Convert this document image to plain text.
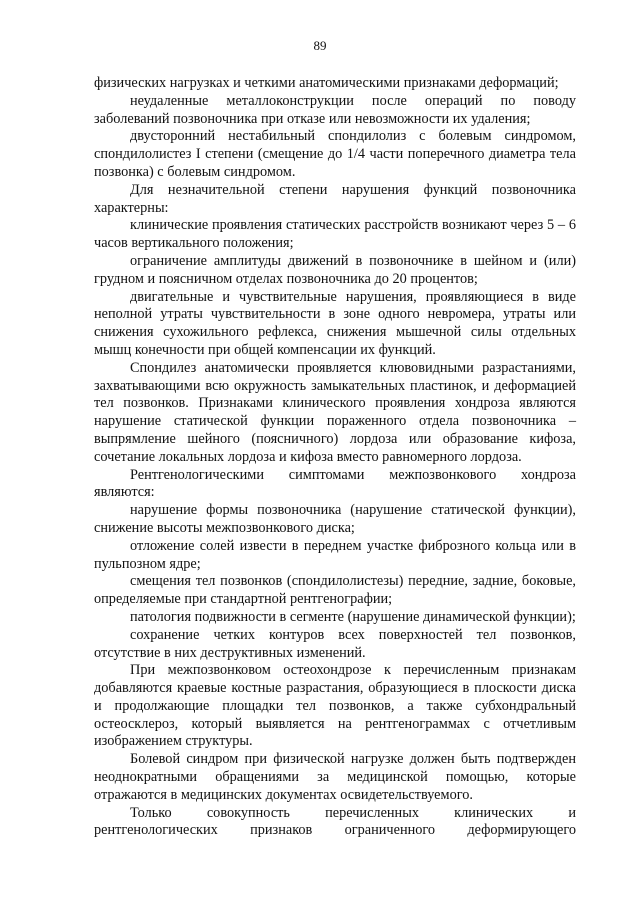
89

физических нагрузках и четкими анатомическими признаками деформаций;

неудаленные металлоконструкции после операций по поводу заболеваний позвоночника при отказе или невозможности их удаления;

двусторонний нестабильный спондилолиз с болевым синдромом, спондилолистез I степени (смещение до 1/4 части поперечного диаметра тела позвонка) с болевым синдромом.

Для незначительной степени нарушения функций позвоночника характерны:

клинические проявления статических расстройств возникают через 5 – 6 часов вертикального положения;

ограничение амплитуды движений в позвоночнике в шейном и (или) грудном и поясничном отделах позвоночника до 20 процентов;

двигательные и чувствительные нарушения, проявляющиеся в виде неполной утраты чувствительности в зоне одного невромера, утраты или снижения сухожильного рефлекса, снижения мышечной силы отдельных мышц конечности при общей компенсации их функций.

Спондилез анатомически проявляется клювовидными разрастаниями, захватывающими всю окружность замыкательных пластинок, и деформацией тел позвонков. Признаками клинического проявления хондроза являются нарушение статической функции пораженного отдела позвоночника – выпрямление шейного (поясничного) лордоза или образование кифоза, сочетание локальных лордоза и кифоза вместо равномерного лордоза.

Рентгенологическими симптомами межпозвонкового хондроза являются:

нарушение формы позвоночника (нарушение статической функции), снижение высоты межпозвонкового диска;

отложение солей извести в переднем участке фиброзного кольца или в пульпозном ядре;

смещения тел позвонков (спондилолистезы) передние, задние, боковые, определяемые при стандартной рентгенографии;

патология подвижности в сегменте (нарушение динамической функции);

сохранение четких контуров всех поверхностей тел позвонков, отсутствие в них деструктивных изменений.

При межпозвонковом остеохондрозе к перечисленным признакам добавляются краевые костные разрастания, образующиеся в плоскости диска и продолжающие площадки тел позвонков, а также субхондральный остеосклероз, который выявляется на рентгенограммах с отчетливым изображением структуры.

Болевой синдром при физической нагрузке должен быть подтвержден неоднократными обращениями за медицинской помощью, которые отражаются в медицинских документах освидетельствуемого.

Только совокупность перечисленных клинических и рентгенологических признаков ограниченного деформирующего
